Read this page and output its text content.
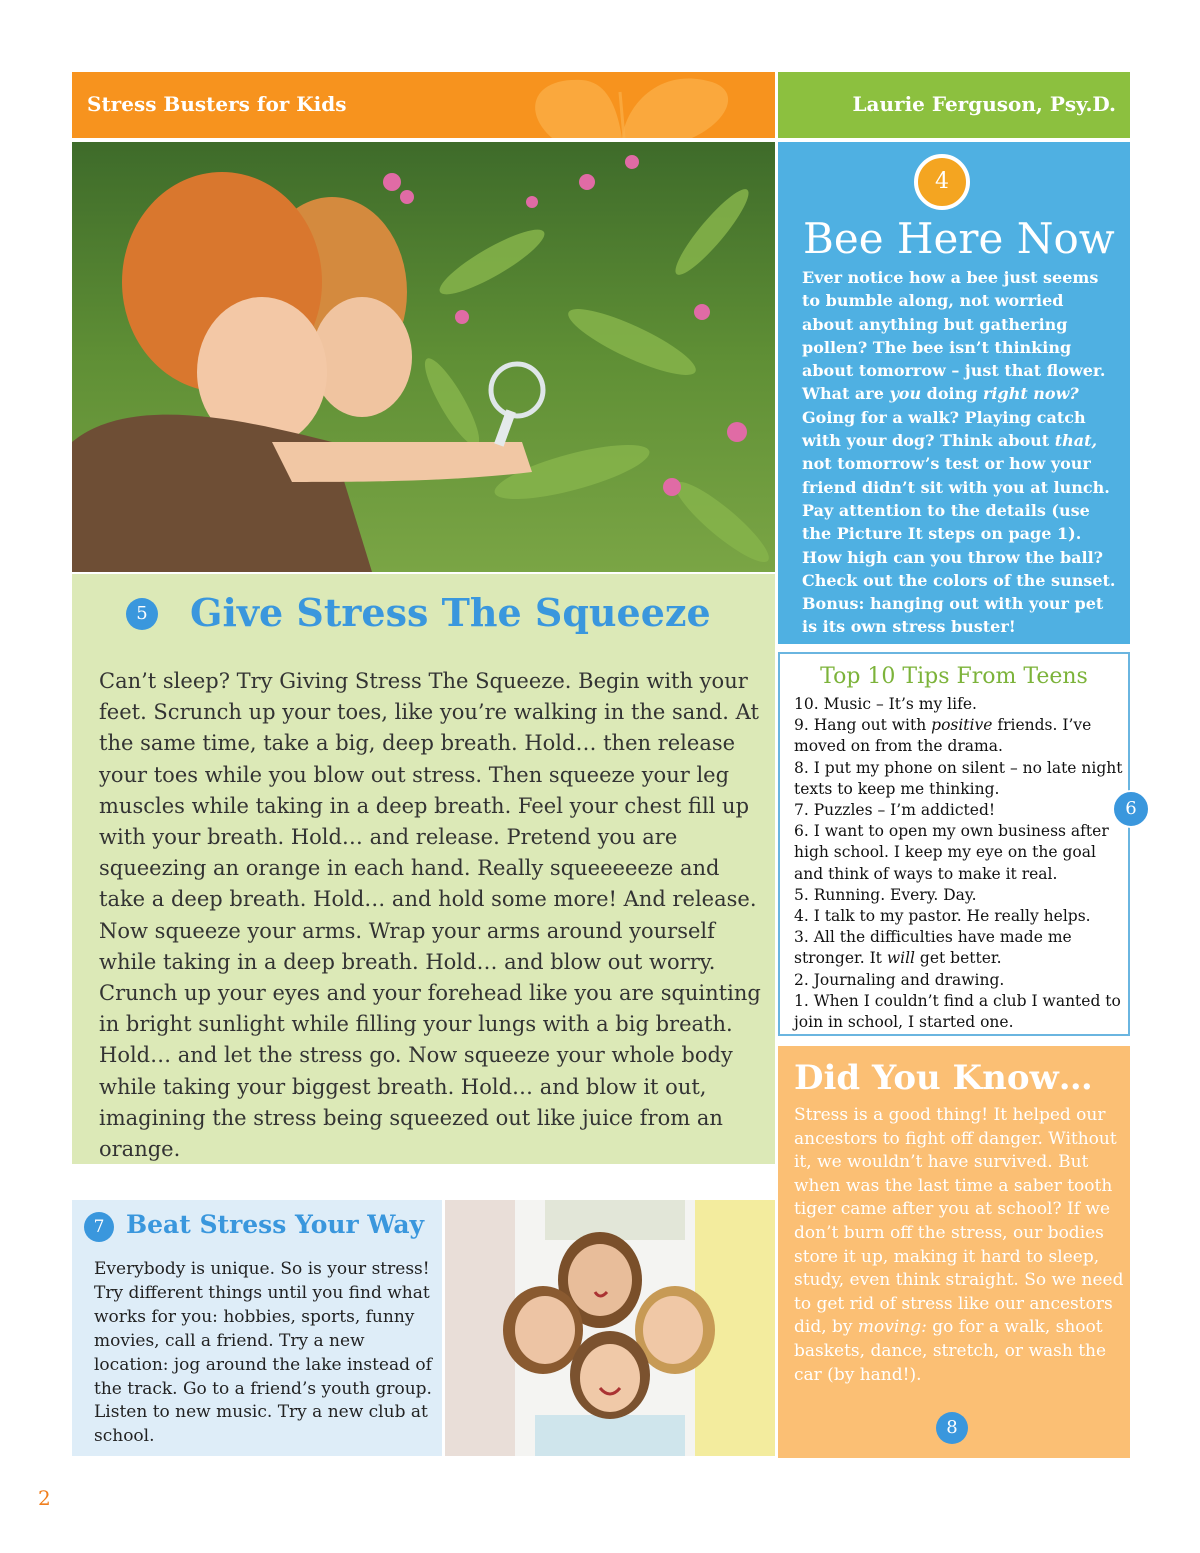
Stress Busters for Kids	Laurie Ferguson, Psy.D.
4
Bee Here Now
Ever notice how a bee just seems to bumble along, not worried about anything but gathering pollen? The bee isn’t thinking about tomorrow – just that flower. What are you doing right now? Going for a walk? Playing catch with your dog? Think about that, not tomorrow’s test or how your friend didn’t sit with you at lunch. Pay attention to the details (use the Picture It steps on page 1). How high can you throw the ball? Check out the colors of the sunset. Bonus: hanging out with your pet is its own stress buster!
5 Give Stress The Squeeze
Can’t sleep? Try Giving Stress The Squeeze. Begin with your feet. Scrunch up your toes, like you’re walking in the sand. At the same time, take a big, deep breath. Hold… then release your toes while you blow out stress. Then squeeze your leg muscles while taking in a deep breath. Feel your chest fill up with your breath. Hold… and release. Pretend you are squeezing an orange in each hand. Really squeeeeeze and take a deep breath. Hold… and hold some more! And release. Now squeeze your arms. Wrap your arms around yourself while taking in a deep breath. Hold… and blow out worry. Crunch up your eyes and your forehead like you are squinting in bright sunlight while filling your lungs with a big breath. Hold… and let the stress go. Now squeeze your whole body while taking your biggest breath. Hold… and blow it out, imagining the stress being squeezed out like juice from an orange.
Top 10 Tips From Teens
10. Music – It’s my life.
9. Hang out with positive friends. I’ve moved on from the drama.
8. I put my phone on silent – no late night texts to keep me thinking.
7. Puzzles – I’m addicted!
6. I want to open my own business after high school. I keep my eye on the goal and think of ways to make it real.
5. Running. Every. Day.
4. I talk to my pastor. He really helps.
3. All the difficulties have made me stronger. It will get better.
2. Journaling and drawing.
1. When I couldn’t find a club I wanted to join in school, I started one.
6
Did You Know…
Stress is a good thing! It helped our ancestors to fight off danger. Without it, we wouldn’t have survived. But when was the last time a saber tooth tiger came after you at school? If we don’t burn off the stress, our bodies store it up, making it hard to sleep, study, even think straight. So we need to get rid of stress like our ancestors did, by moving: go for a walk, shoot baskets, dance, stretch, or wash the car (by hand!).
8
7 Beat Stress Your Way
Everybody is unique. So is your stress! Try different things until you find what works for you: hobbies, sports, funny movies, call a friend. Try a new location: jog around the lake instead of the track. Go to a friend’s youth group. Listen to new music. Try a new club at school.
2
